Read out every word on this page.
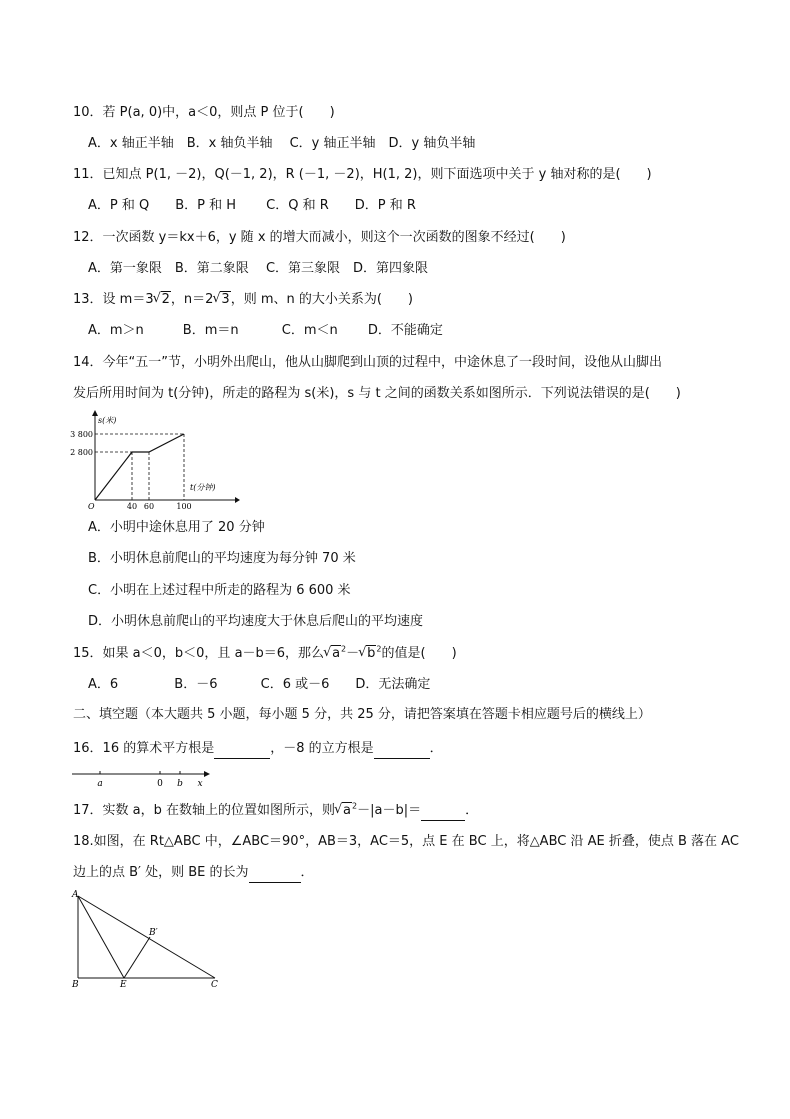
10．若 P(a, 0)中，a＜0，则点 P 位于(　　)
A．x 轴正半轴　B．x 轴负半轴　 C．y 轴正半轴　D．y 轴负半轴
11．已知点 P(1, －2)，Q(－1, 2)，R (－1, －2)，H(1, 2)，则下面选项中关于 y 轴对称的是(　　)
A．P 和 Q　　B．P 和 H　　 C．Q 和 R　　D．P 和 R
12．一次函数 y＝kx＋6，y 随 x 的增大而减小，则这个一次函数的图象不经过(　　)
A．第一象限　B．第二象限　 C．第三象限　D．第四象限
13．设 m＝3√ 2，n＝2√ 3，则 m、n 的大小关系为(　　)
A．m＞n　　　B．m＝n　　　 C．m＜n　　 D．不能确定
14．今年“五一”节，小明外出爬山，他从山脚爬到山顶的过程中，中途休息了一段时间，设他从山脚出
发后所用时间为 t(分钟)，所走的路程为 s(米)，s 与 t 之间的函数关系如图所示．下列说法错误的是(　　)
s(米)
3 800
2 800
O	40 60	100
t(分钟)
A．小明中途休息用了 20 分钟
B．小明休息前爬山的平均速度为每分钟 70 米
C．小明在上述过程中所走的路程为 6 600 米
D．小明休息前爬山的平均速度大于休息后爬山的平均速度
15．如果 a＜0，b＜0，且 a－b＝6，那么√ $a^2-√$ $b^2$的值是(　　)
A．6　　　　 B．－6　　　 C．6 或－6　　D．无法确定
二、填空题（本大题共 5 小题，每小题 5 分，共 25 分，请把答案填在答题卡相应题号后的横线上）
16．16 的算术平方根是	，－8 的立方根是	．
a	0 b x
17．实数 a，b 在数轴上的位置如图所示，则√ $a^2-|a-b|=$	．
18.如图，在 Rt△ABC 中，∠ABC＝90°，AB＝3，AC＝5，点 E 在 BC 上，将△ABC 沿 AE 折叠，使点 B 落在 AC
边上的点 B′ 处，则 BE 的长为	．
A
B	E	C
B′
